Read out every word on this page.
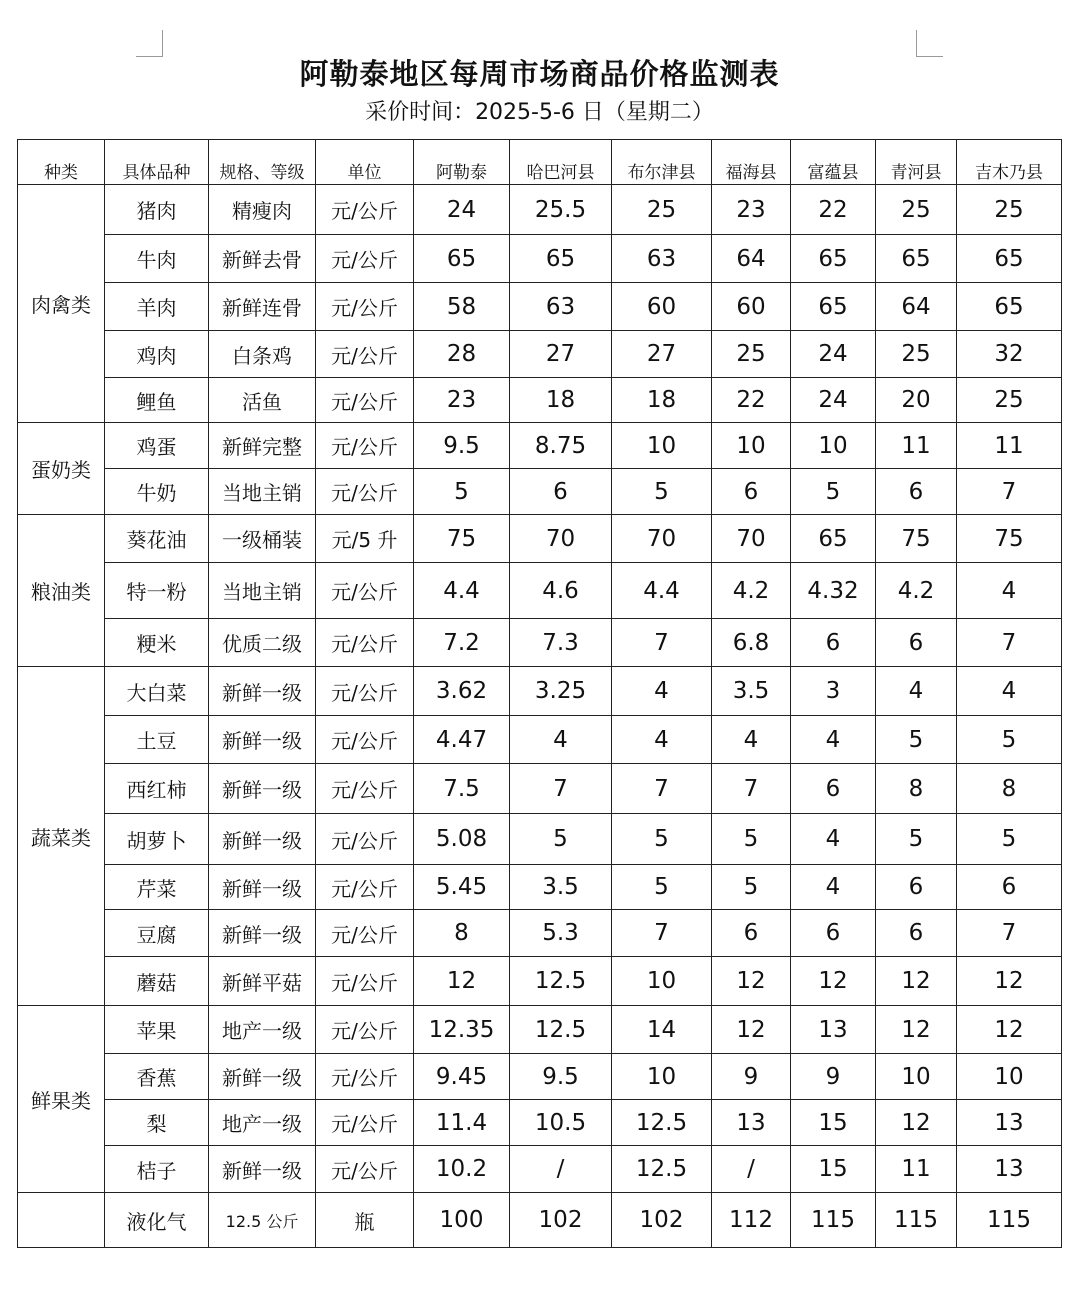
阿勒泰地区每周市场商品价格监测表
采价时间：2025-5-6 日（星期二）
种类	具体品种	规格、等级	单位	阿勒泰	哈巴河县	布尔津县	福海县	富蕴县	青河县	吉木乃县
肉禽类	猪肉	精瘦肉	元/公斤	24	25.5	25	23	22	25	25
	牛肉	新鲜去骨	元/公斤	65	65	63	64	65	65	65
	羊肉	新鲜连骨	元/公斤	58	63	60	60	65	64	65
	鸡肉	白条鸡	元/公斤	28	27	27	25	24	25	32
	鲤鱼	活鱼	元/公斤	23	18	18	22	24	20	25
蛋奶类	鸡蛋	新鲜完整	元/公斤	9.5	8.75	10	10	10	11	11
	牛奶	当地主销	元/公斤	5	6	5	6	5	6	7
粮油类	葵花油	一级桶装	元/5 升	75	70	70	70	65	75	75
	特一粉	当地主销	元/公斤	4.4	4.6	4.4	4.2	4.32	4.2	4
	粳米	优质二级	元/公斤	7.2	7.3	7	6.8	6	6	7
蔬菜类	大白菜	新鲜一级	元/公斤	3.62	3.25	4	3.5	3	4	4
	土豆	新鲜一级	元/公斤	4.47	4	4	4	4	5	5
	西红柿	新鲜一级	元/公斤	7.5	7	7	7	6	8	8
	胡萝卜	新鲜一级	元/公斤	5.08	5	5	5	4	5	5
	芹菜	新鲜一级	元/公斤	5.45	3.5	5	5	4	6	6
	豆腐	新鲜一级	元/公斤	8	5.3	7	6	6	6	7
	蘑菇	新鲜平菇	元/公斤	12	12.5	10	12	12	12	12
鲜果类	苹果	地产一级	元/公斤	12.35	12.5	14	12	13	12	12
	香蕉	新鲜一级	元/公斤	9.45	9.5	10	9	9	10	10
	梨	地产一级	元/公斤	11.4	10.5	12.5	13	15	12	13
	桔子	新鲜一级	元/公斤	10.2	/	12.5	/	15	11	13
	液化气	12.5 公斤	瓶	100	102	102	112	115	115	115
